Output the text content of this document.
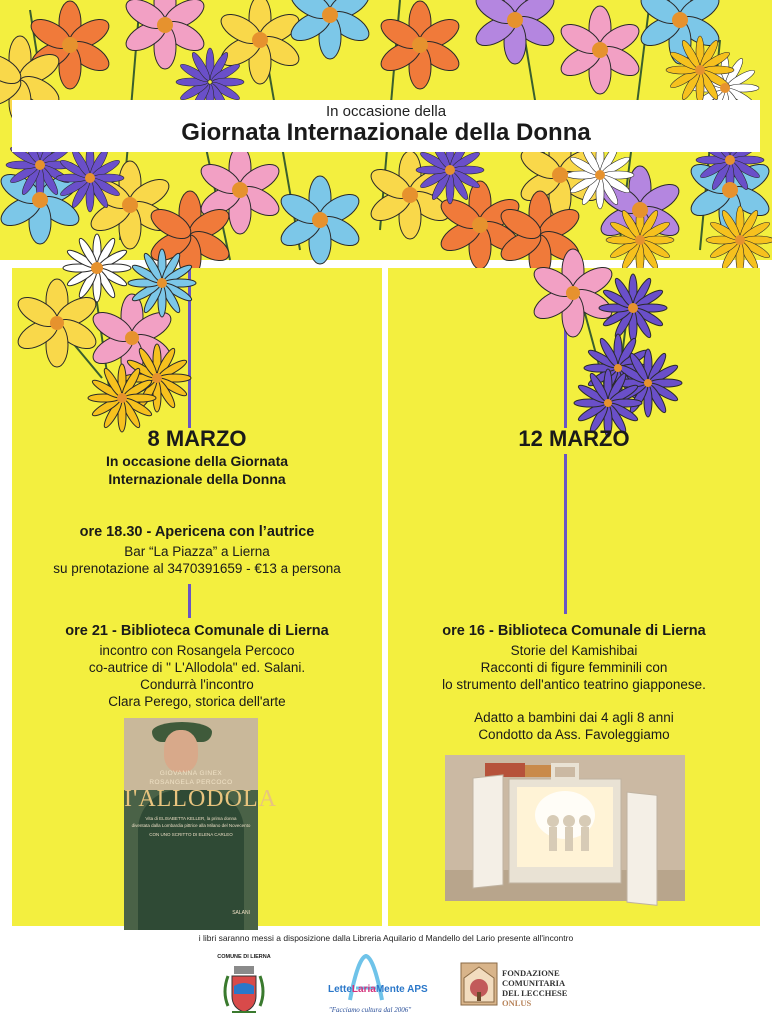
In occasione della
Giornata Internazionale della Donna
8 MARZO
In occasione della Giornata
Internazionale della Donna
ore 18.30 - Apericena con l’autrice
Bar “La Piazza” a Lierna
su prenotazione al 3470391659 - €13 a persona
ore 21 - Biblioteca Comunale di Lierna
incontro con Rosangela Percoco
co-autrice di " L'Allodola" ed. Salani.
Condurrà l'incontro
Clara Perego, storica dell'arte
GIOVANNA GINEX
ROSANGELA PERCOCO
I'ALLODOLA
Vita di ELISABETTA KELLER, la prima donna
diventata dalla Lombardia pittrice alla Milano del Novecento
CON UNO SCRITTO DI ELENA CARLEO
SALANI
12 MARZO
ore 16 - Biblioteca Comunale di Lierna
Storie del Kamishibai
Racconti di figure femminili con
lo strumento dell'antico teatrino giapponese.
Adatto a bambini dai 4 agli 8 anni
Condotto da Ass. Favoleggiamo
i libri saranno messi a disposizione dalla Libreria Aquilario d Mandello del Lario presente all'incontro
COMUNE DI LIERNA
LetteLariaMente APS
"Facciamo cultura dal 2006"
FONDAZIONE
COMUNITARIA
DEL LECCHESE
ONLUS
